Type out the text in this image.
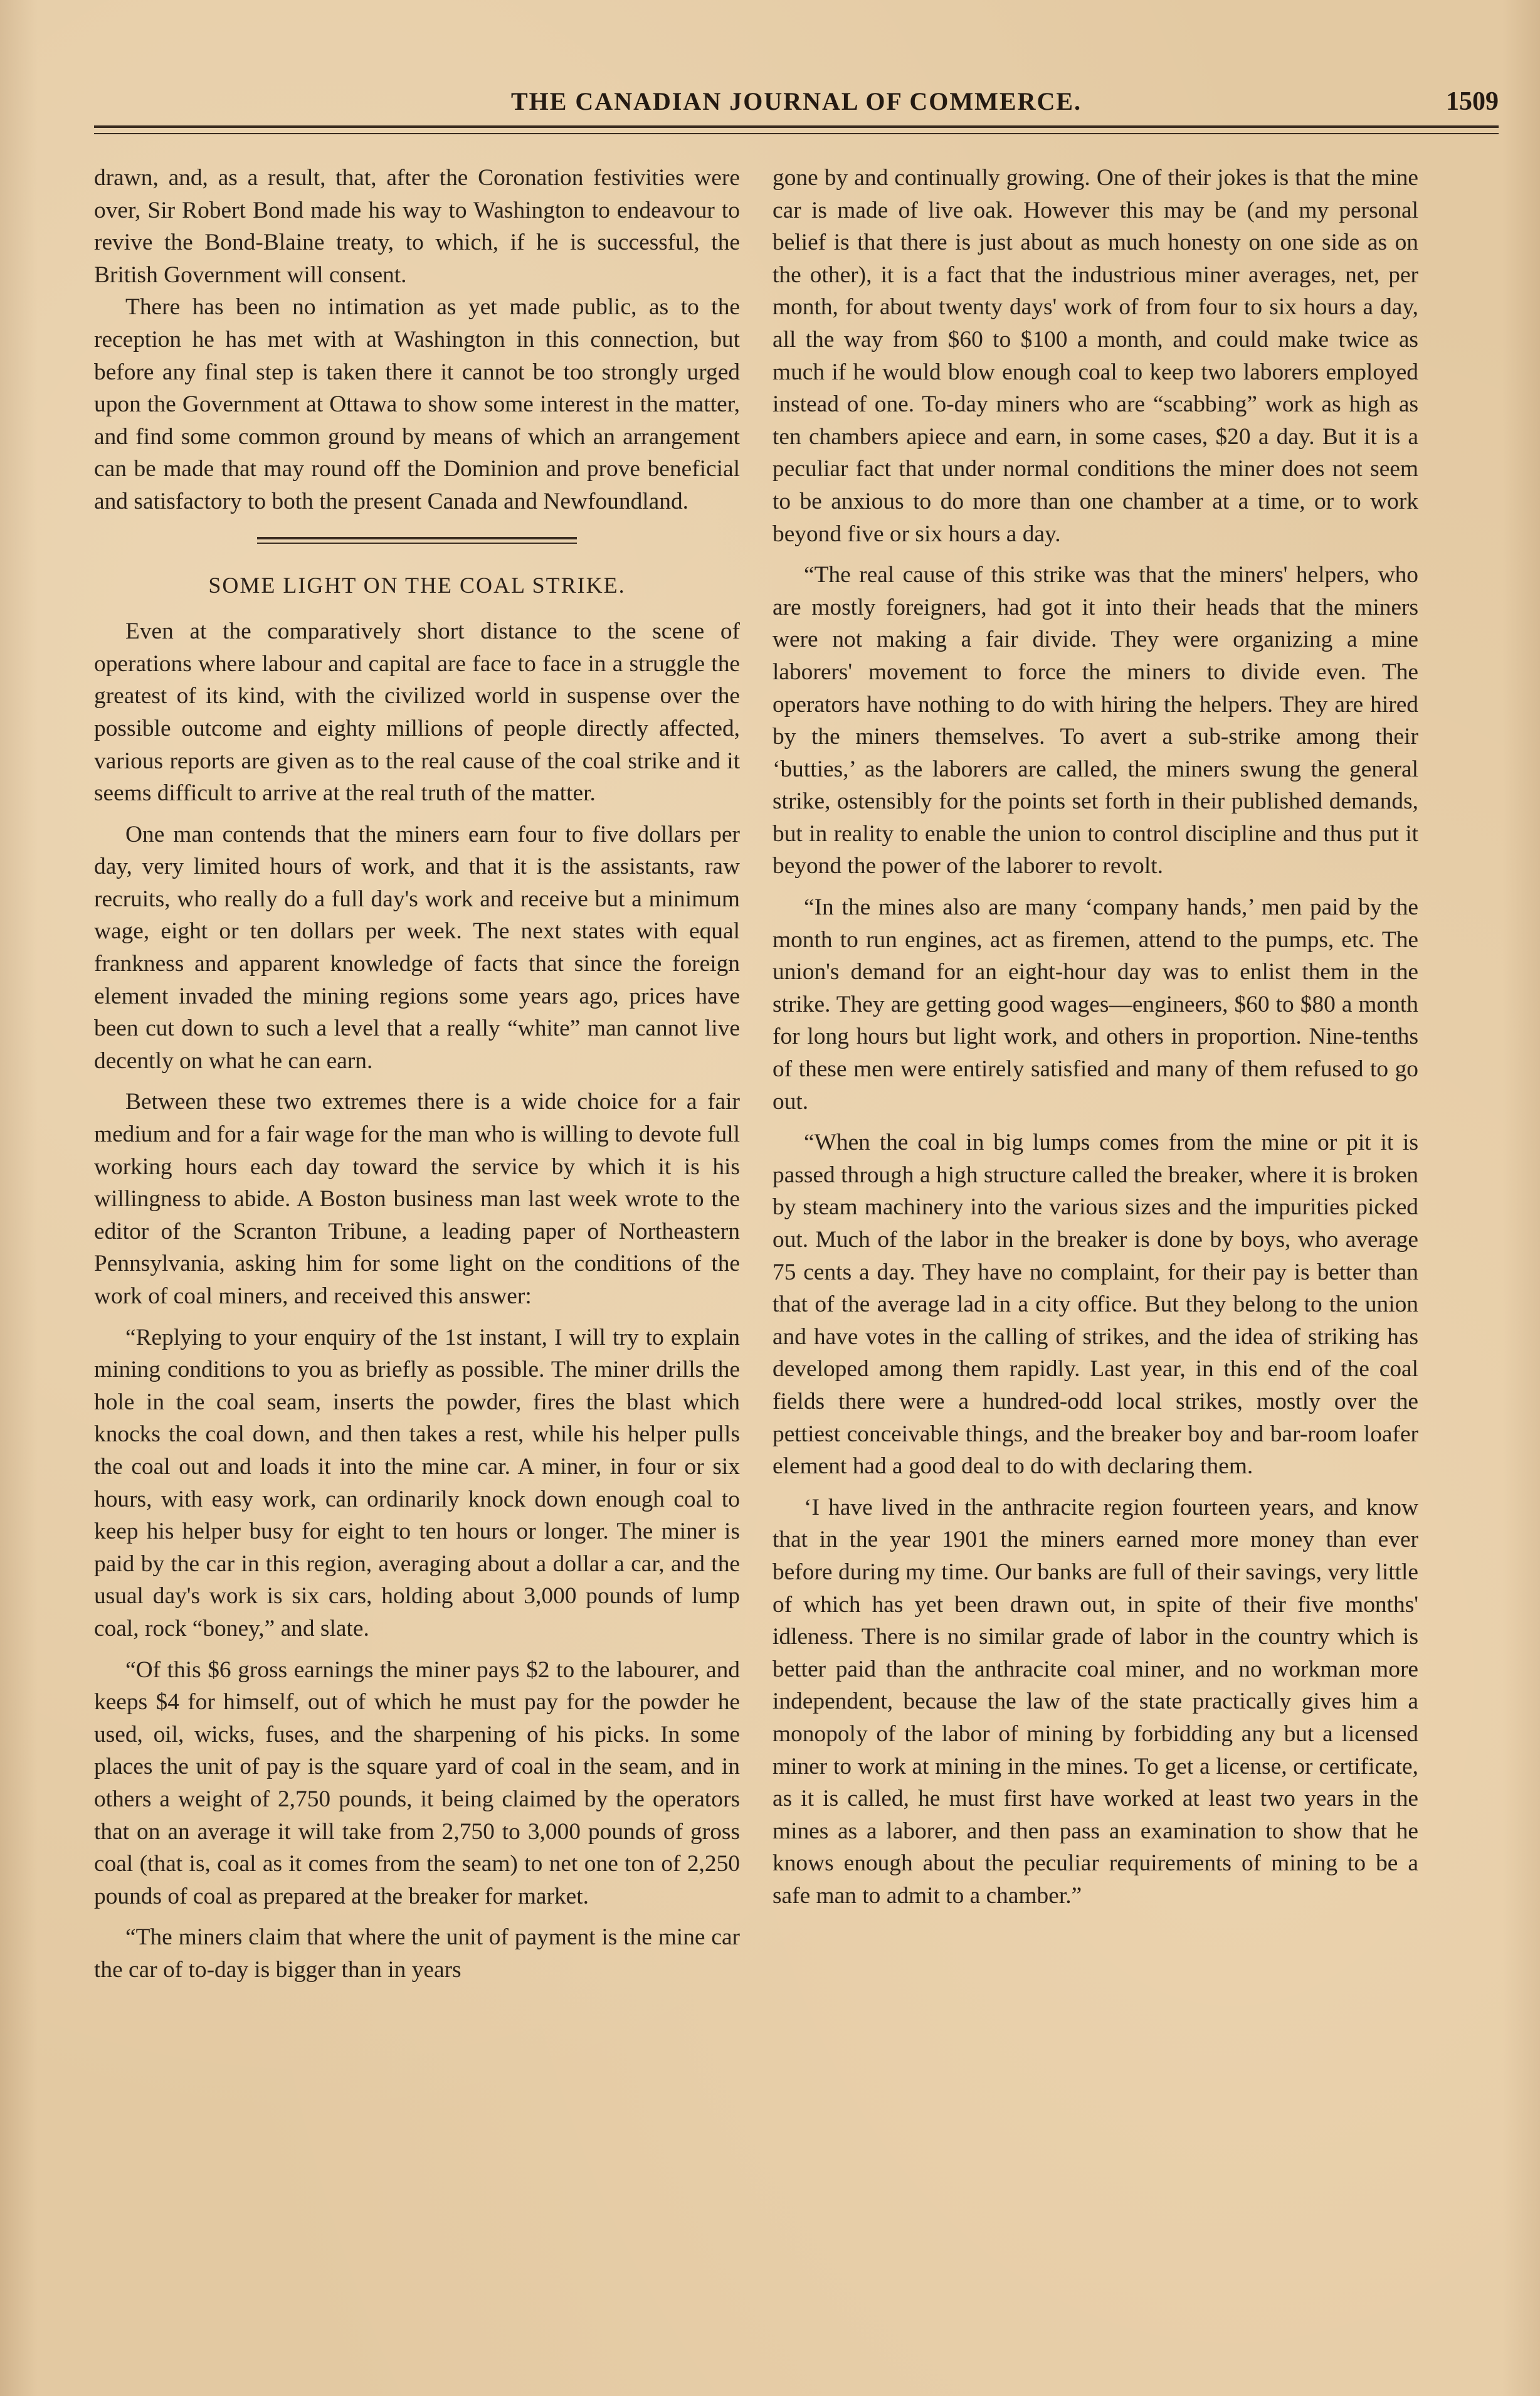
THE CANADIAN JOURNAL OF COMMERCE.	1509

drawn, and, as a result, that, after the Coronation festivities were over, Sir Robert Bond made his way to Washington to endeavour to revive the Bond-Blaine treaty, to which, if he is successful, the British Government will consent.

There has been no intimation as yet made public, as to the reception he has met with at Washington in this connection, but before any final step is taken there it cannot be too strongly urged upon the Government at Ottawa to show some interest in the matter, and find some common ground by means of which an arrangement can be made that may round off the Dominion and prove beneficial and satisfactory to both the present Canada and Newfoundland.

SOME LIGHT ON THE COAL STRIKE.

Even at the comparatively short distance to the scene of operations where labour and capital are face to face in a struggle the greatest of its kind, with the civilized world in suspense over the possible outcome and eighty millions of people directly affected, various reports are given as to the real cause of the coal strike and it seems difficult to arrive at the real truth of the matter.

One man contends that the miners earn four to five dollars per day, very limited hours of work, and that it is the assistants, raw recruits, who really do a full day's work and receive but a minimum wage, eight or ten dollars per week. The next states with equal frankness and apparent knowledge of facts that since the foreign element invaded the mining regions some years ago, prices have been cut down to such a level that a really “white” man cannot live decently on what he can earn.

Between these two extremes there is a wide choice for a fair medium and for a fair wage for the man who is willing to devote full working hours each day toward the service by which it is his willingness to abide. A Boston business man last week wrote to the editor of the Scranton Tribune, a leading paper of Northeastern Pennsylvania, asking him for some light on the conditions of the work of coal miners, and received this answer:

“Replying to your enquiry of the 1st instant, I will try to explain mining conditions to you as briefly as possible. The miner drills the hole in the coal seam, inserts the powder, fires the blast which knocks the coal down, and then takes a rest, while his helper pulls the coal out and loads it into the mine car. A miner, in four or six hours, with easy work, can ordinarily knock down enough coal to keep his helper busy for eight to ten hours or longer. The miner is paid by the car in this region, averaging about a dollar a car, and the usual day's work is six cars, holding about 3,000 pounds of lump coal, rock “boney,” and slate.

“Of this $6 gross earnings the miner pays $2 to the labourer, and keeps $4 for himself, out of which he must pay for the powder he used, oil, wicks, fuses, and the sharpening of his picks. In some places the unit of pay is the square yard of coal in the seam, and in others a weight of 2,750 pounds, it being claimed by the operators that on an average it will take from 2,750 to 3,000 pounds of gross coal (that is, coal as it comes from the seam) to net one ton of 2,250 pounds of coal as prepared at the breaker for market.

“The miners claim that where the unit of payment is the mine car the car of to-day is bigger than in years

gone by and continually growing. One of their jokes is that the mine car is made of live oak. However this may be (and my personal belief is that there is just about as much honesty on one side as on the other), it is a fact that the industrious miner averages, net, per month, for about twenty days' work of from four to six hours a day, all the way from $60 to $100 a month, and could make twice as much if he would blow enough coal to keep two laborers employed instead of one. To-day miners who are “scabbing” work as high as ten chambers apiece and earn, in some cases, $20 a day. But it is a peculiar fact that under normal conditions the miner does not seem to be anxious to do more than one chamber at a time, or to work beyond five or six hours a day.

“The real cause of this strike was that the miners' helpers, who are mostly foreigners, had got it into their heads that the miners were not making a fair divide. They were organizing a mine laborers' movement to force the miners to divide even. The operators have nothing to do with hiring the helpers. They are hired by the miners themselves. To avert a sub-strike among their ‘butties,’ as the laborers are called, the miners swung the general strike, ostensibly for the points set forth in their published demands, but in reality to enable the union to control discipline and thus put it beyond the power of the laborer to revolt.

“In the mines also are many ‘company hands,’ men paid by the month to run engines, act as firemen, attend to the pumps, etc. The union's demand for an eight-hour day was to enlist them in the strike. They are getting good wages—engineers, $60 to $80 a month for long hours but light work, and others in proportion. Nine-tenths of these men were entirely satisfied and many of them refused to go out.

“When the coal in big lumps comes from the mine or pit it is passed through a high structure called the breaker, where it is broken by steam machinery into the various sizes and the impurities picked out. Much of the labor in the breaker is done by boys, who average 75 cents a day. They have no complaint, for their pay is better than that of the average lad in a city office. But they belong to the union and have votes in the calling of strikes, and the idea of striking has developed among them rapidly. Last year, in this end of the coal fields there were a hundred-odd local strikes, mostly over the pettiest conceivable things, and the breaker boy and bar-room loafer element had a good deal to do with declaring them.

‘I have lived in the anthracite region fourteen years, and know that in the year 1901 the miners earned more money than ever before during my time. Our banks are full of their savings, very little of which has yet been drawn out, in spite of their five months' idleness. There is no similar grade of labor in the country which is better paid than the anthracite coal miner, and no workman more independent, because the law of the state practically gives him a monopoly of the labor of mining by forbidding any but a licensed miner to work at mining in the mines. To get a license, or certificate, as it is called, he must first have worked at least two years in the mines as a laborer, and then pass an examination to show that he knows enough about the peculiar requirements of mining to be a safe man to admit to a chamber.”
